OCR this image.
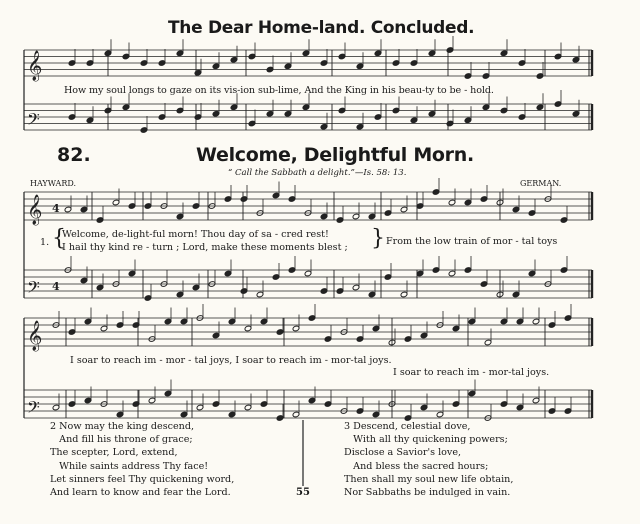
The Dear Home-land. Concluded.
𝄞
𝄢
𝄞
𝄢
4
4
𝄞
𝄢
How my soul longs to gaze on its vis-ion sub-lime, And the King in his beau-ty to be - hold.
82.	Welcome, Delightful Morn.
“ Call the Sabbath a delight.”—Is. 58: 13.
HAYWARD.	GERMAN.
1. {
Welcome, de-light-ful morn! Thou day of sa - cred rest!
I hail thy kind re - turn ; Lord, make these moments blest ; } From the low train of mor - tal toys
I soar to reach im - mor - tal joys, I soar to reach im - mor-tal joys.
I soar to reach im - mor-tal joys.
2 Now may the king descend,
And fill his throne of grace;
The scepter, Lord, extend,
While saints address Thy face!
Let sinners feel Thy quickening word,
And learn to know and fear the Lord.
3 Descend, celestial dove,
With all thy quickening powers;
Disclose a Savior's love,
And bless the sacred hours;
Then shall my soul new life obtain,
Nor Sabbaths be indulged in vain.
55
